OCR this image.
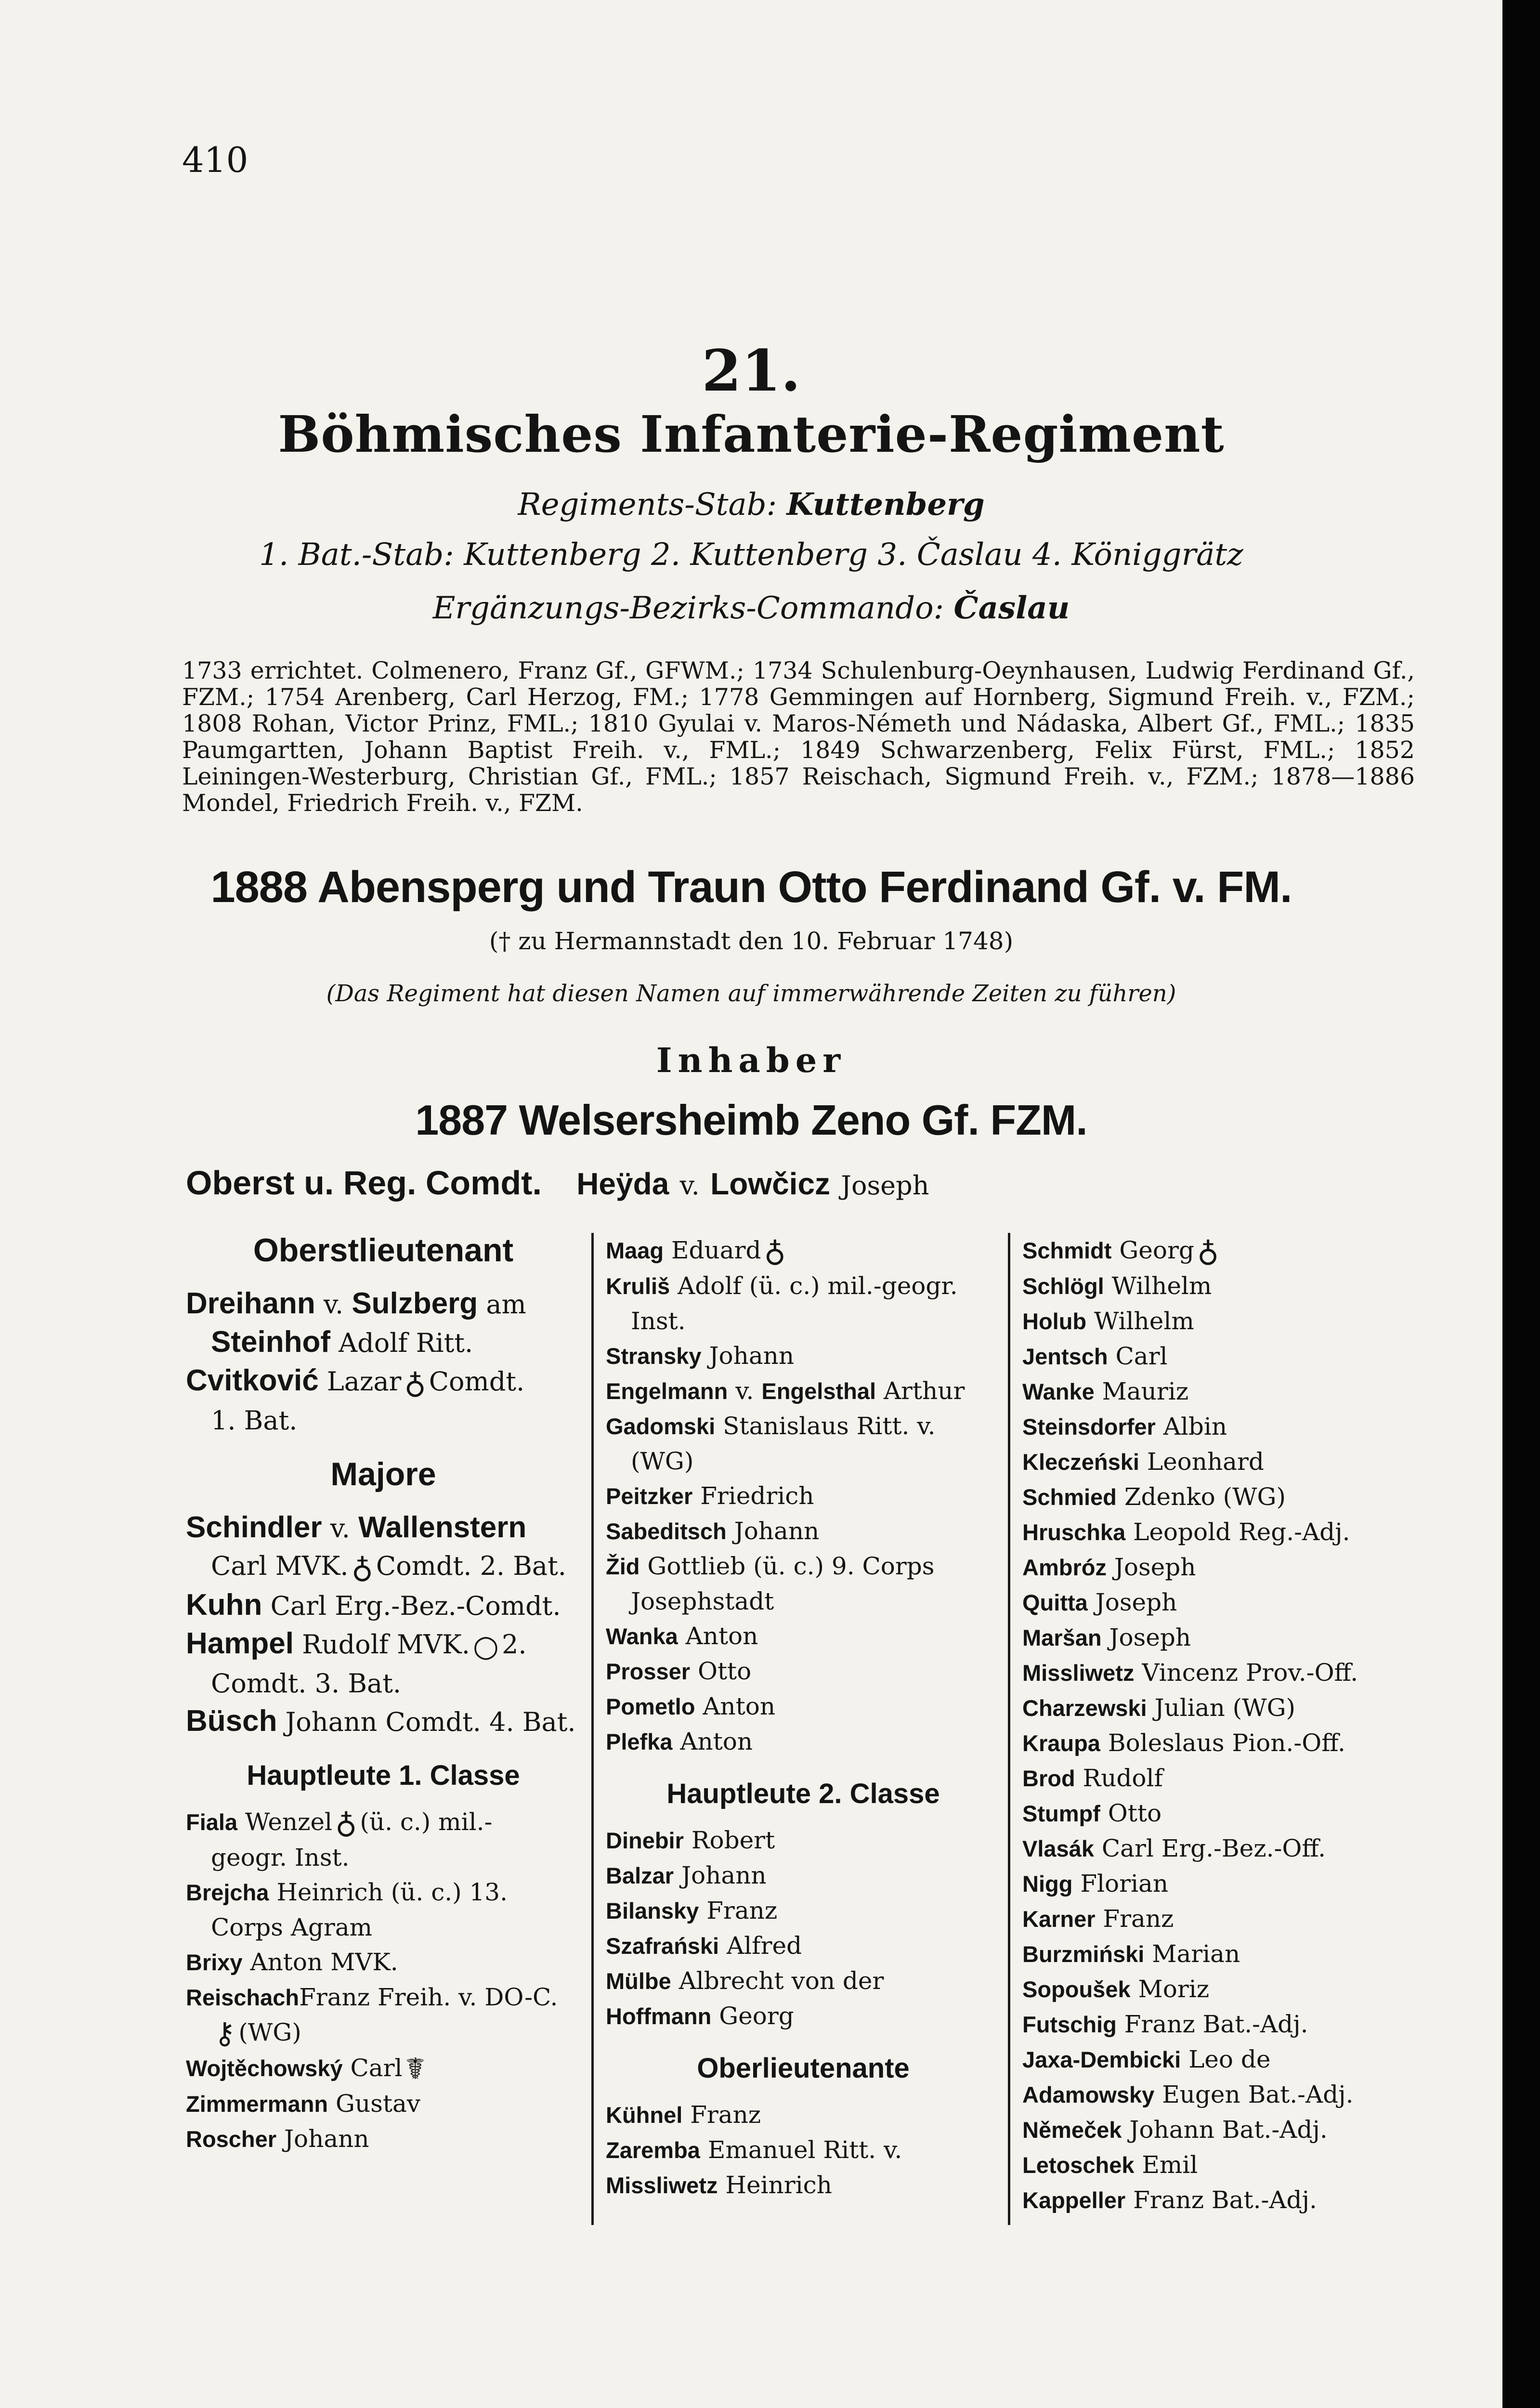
410
21.
Böhmisches Infanterie-Regiment
Regiments-Stab: Kuttenberg
1. Bat.-Stab: Kuttenberg 2. Kuttenberg 3. Časlau 4. Königgrätz
Ergänzungs-Bezirks-Commando: Časlau
1733 errichtet. Colmenero, Franz Gf., GFWM.; 1734 Schulenburg-Oeynhausen, Ludwig Ferdinand Gf., FZM.; 1754 Arenberg, Carl Herzog, FM.; 1778 Gemmingen auf Hornberg, Sigmund Freih. v., FZM.; 1808 Rohan, Victor Prinz, FML.; 1810 Gyulai v. Maros-Németh und Nádaska, Albert Gf., FML.; 1835 Paumgartten, Johann Baptist Freih. v., FML.; 1849 Schwarzenberg, Felix Fürst, FML.; 1852 Leiningen-Westerburg, Christian Gf., FML.; 1857 Reischach, Sigmund Freih. v., FZM.; 1878—1886 Mondel, Friedrich Freih. v., FZM.
1888 Abensperg und Traun Otto Ferdinand Gf. v. FM.
(† zu Hermannstadt den 10. Februar 1748)
(Das Regiment hat diesen Namen auf immerwährende Zeiten zu führen)
Inhaber
1887 Welsersheimb Zeno Gf. FZM.
Oberst u. Reg. Comdt. Heÿda v. Lowčicz Joseph
Oberstlieutenant
Dreihann v. Sulzberg am
Steinhof Adolf Ritt.
Cvitković Lazar♁ Comdt.
1. Bat.
Majore
Schindler v. Wallenstern
Carl MVK.♁ Comdt. 2. Bat.
Kuhn Carl Erg.-Bez.-Comdt.
Hampel Rudolf MVK.○ 2.
Comdt. 3. Bat.
Büsch Johann Comdt. 4. Bat.
Hauptleute 1. Classe
Fiala Wenzel♁ (ü. c.) mil.-
geogr. Inst.
Brejcha Heinrich (ü. c.) 13.
Corps Agram
Brixy Anton MVK.
ReischachFranz Freih. v. DO-C.
⚷ (WG)
Wojtěchowský Carl☤
Zimmermann Gustav
Roscher Johann
Maag Eduard♁
Kruliš Adolf (ü. c.) mil.-geogr.
Inst.
Stransky Johann
Engelmann v. Engelsthal Arthur
Gadomski Stanislaus Ritt. v.
(WG)
Peitzker Friedrich
Sabeditsch Johann
Žid Gottlieb (ü. c.) 9. Corps
Josephstadt
Wanka Anton
Prosser Otto
Pometlo Anton
Plefka Anton
Hauptleute 2. Classe
Dinebir Robert
Balzar Johann
Bilansky Franz
Szafrański Alfred
Mülbe Albrecht von der
Hoffmann Georg
Oberlieutenante
Kühnel Franz
Zaremba Emanuel Ritt. v.
Missliwetz Heinrich
Schmidt Georg♁
Schlögl Wilhelm
Holub Wilhelm
Jentsch Carl
Wanke Mauriz
Steinsdorfer Albin
Kleczeński Leonhard
Schmied Zdenko (WG)
Hruschka Leopold Reg.-Adj.
Ambróz Joseph
Quitta Joseph
Maršan Joseph
Missliwetz Vincenz Prov.-Off.
Charzewski Julian (WG)
Kraupa Boleslaus Pion.-Off.
Brod Rudolf
Stumpf Otto
Vlasák Carl Erg.-Bez.-Off.
Nigg Florian
Karner Franz
Burzmiński Marian
Sopoušek Moriz
Futschig Franz Bat.-Adj.
Jaxa-Dembicki Leo de
Adamowsky Eugen Bat.-Adj.
Němeček Johann Bat.-Adj.
Letoschek Emil
Kappeller Franz Bat.-Adj.
